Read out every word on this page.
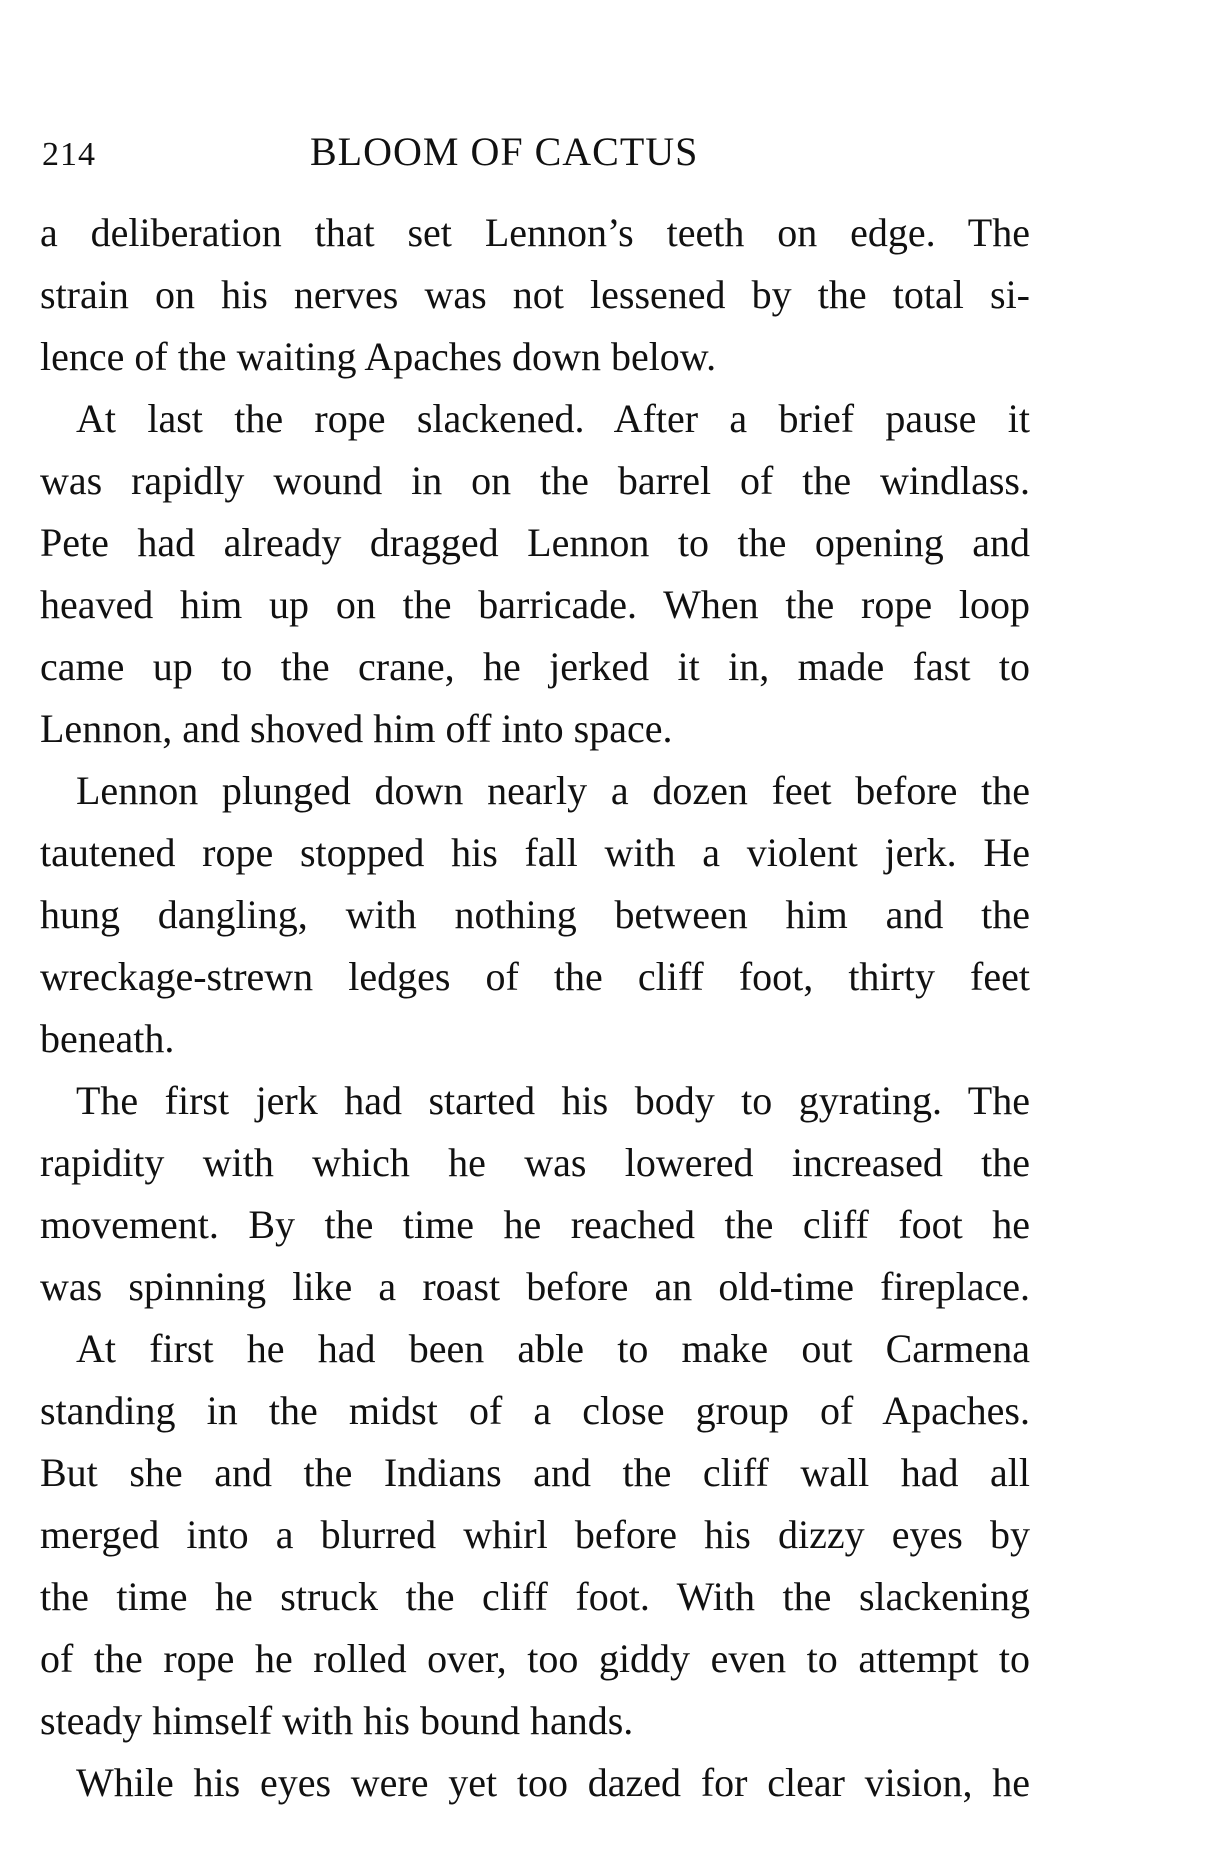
214	BLOOM OF CACTUS
a deliberation that set Lennon’s teeth on edge. The
strain on his nerves was not lessened by the total si-
lence of the waiting Apaches down below.
At last the rope slackened. After a brief pause it
was rapidly wound in on the barrel of the windlass.
Pete had already dragged Lennon to the opening and
heaved him up on the barricade. When the rope loop
came up to the crane, he jerked it in, made fast to
Lennon, and shoved him off into space.
Lennon plunged down nearly a dozen feet before the
tautened rope stopped his fall with a violent jerk. He
hung dangling, with nothing between him and the
wreckage-strewn ledges of the cliff foot, thirty feet
beneath.
The first jerk had started his body to gyrating. The
rapidity with which he was lowered increased the
movement. By the time he reached the cliff foot he
was spinning like a roast before an old-time fireplace.
At first he had been able to make out Carmena
standing in the midst of a close group of Apaches.
But she and the Indians and the cliff wall had all
merged into a blurred whirl before his dizzy eyes by
the time he struck the cliff foot. With the slackening
of the rope he rolled over, too giddy even to attempt to
steady himself with his bound hands.
While his eyes were yet too dazed for clear vision, he
